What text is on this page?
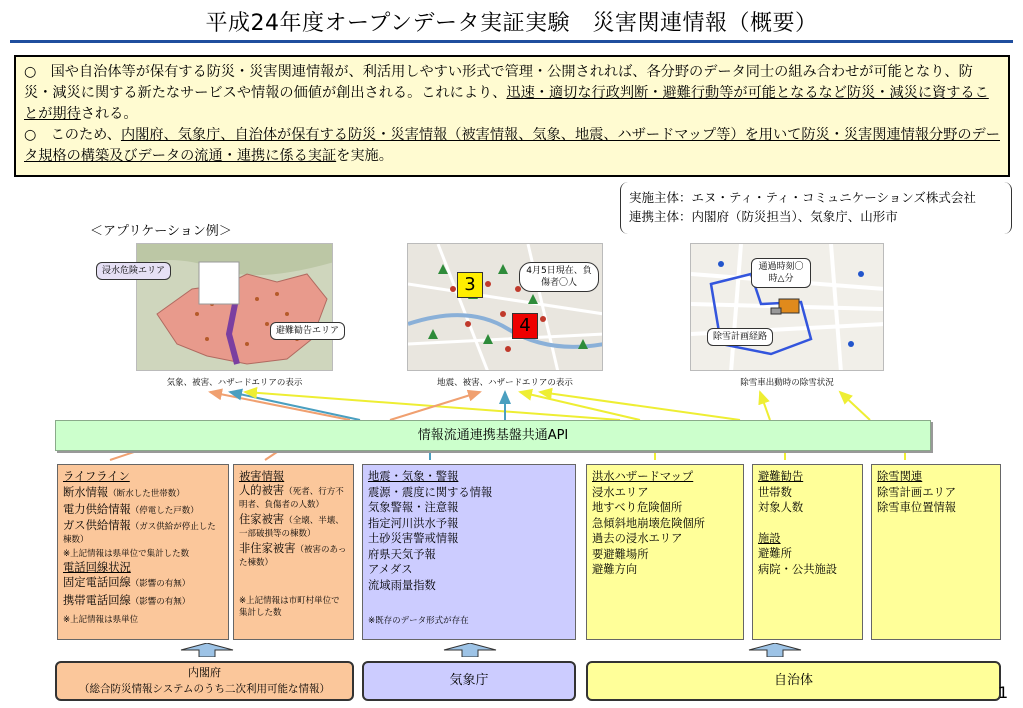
平成24年度オープンデータ実証実験　災害関連情報（概要）

○　国や自治体等が保有する防災・災害関連情報が、利活用しやすい形式で管理・公開されれば、各分野のデータ同士の組み合わせが可能となり、防災・減災に関する新たなサービスや情報の価値が創出される。これにより、迅速・適切な行政判断・避難行動等が可能となるなど防災・減災に資することが期待される。

○　このため、内閣府、気象庁、自治体が保有する防災・災害情報（被害情報、気象、地震、ハザードマップ等）を用いて防災・災害関連情報分野のデータ規格の構築及びデータの流通・連携に係る実証を実施。

実施主体：エヌ・ティ・ティ・コミュニケーションズ株式会社
連携主体：内閣府（防災担当）、気象庁、山形市
＜アプリケーション例＞
浸水危険エリア
避難勧告エリア
気象、被害、ハザードエリアの表示
3
4
4月5日現在、負傷者〇人
地震、被害、ハザードエリアの表示
通過時刻〇時△分
除雪計画経路
除雪車出動時の除雪状況
情報流通連携基盤共通API
ライフライン
断水情報（断水した世帯数）
電力供給情報（停電した戸数）
ガス供給情報（ガス供給が停止した棟数）
※上記情報は県単位で集計した数
電話回線状況
固定電話回線（影響の有無）
携帯電話回線（影響の有無）
※上記情報は県単位
被害情報
人的被害（死者、行方不明者、負傷者の人数）
住家被害（全壊、半壊、一部破損等の棟数）
非住家被害（被害のあった棟数）
※上記情報は市町村単位で集計した数
地震・気象・警報
震源・震度に関する情報
気象警報・注意報
指定河川洪水予報
土砂災害警戒情報
府県天気予報
アメダス
流域雨量指数
※既存のデータ形式が存在
洪水ハザードマップ
浸水エリア
地すべり危険個所
急傾斜地崩壊危険個所
過去の浸水エリア
要避難場所
避難方向
避難勧告
世帯数
対象人数
施設
避難所
病院・公共施設
除雪関連
除雪計画エリア
除雪車位置情報
内閣府
（総合防災情報システムのうち二次利用可能な情報）
気象庁	自治体
1
